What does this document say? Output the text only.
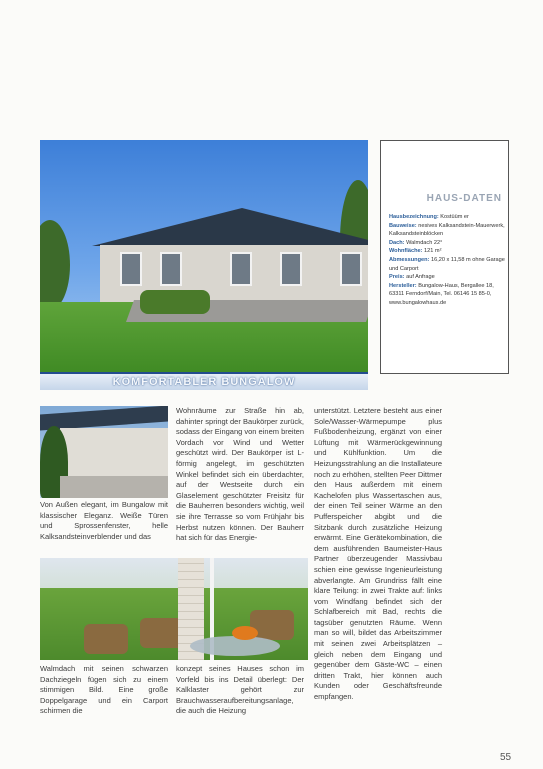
KOMFORTABLER BUNGALOW
HAUS-DATEN
Hausbezeichnung: Kostüüm er
Bauweise: nesives Kalksandstein-Mauerwerk, Kalksandsteinblöcken
Dach: Walmdach 22°
Wohnfläche: 121 m²
Abmessungen: 16,20 x 11,58 m ohne Garage und Carport
Preis: auf Anfrage
Hersteller: Bungalow-Haus, Bergallee 18, 63311 Ferndorf/Main, Tel. 06146 15 85-0, www.bungalowhaus.de
Von Außen elegant, im Bungalow mit klassischer Eleganz. Weiße Türen und Sprossenfenster, helle Kalksandsteinverblender und das
Wohnräume zur Straße hin ab, dahinter springt der Baukörper zurück, sodass der Eingang von einem breiten Vordach vor Wind und Wetter geschützt wird. Der Baukörper ist L-förmig angelegt, im geschützten Winkel befindet sich ein überdachter, auf der Westseite durch ein Glaselement geschützter Freisitz für die Bauherren besonders wichtig, weil sie ihre Terrasse so vom Frühjahr bis Herbst nutzen können. Der Bauherr hat sich für das Energie-
Walmdach mit seinen schwarzen Dachziegeln fügen sich zu einem stimmigen Bild. Eine große Doppelgarage und ein Carport schirmen die
konzept seines Hauses schon im Vorfeld bis ins Detail überlegt: Der Kalklaster gehört zur Brauchwasseraufbereitungsanlage, die auch die Heizung
unterstützt. Letztere besteht aus einer Sole/Wasser-Wärmepumpe plus Fußbodenheizung, ergänzt von einer Lüftung mit Wärmerückgewinnung und Kühlfunktion. Um die Heizungsstrahlung an die Installateure noch zu erhöhen, stellten Peer Dittmer den Haus außerdem mit einem Kachelofen plus Wassertaschen aus, der einen Teil seiner Wärme an den Pufferspeicher abgibt und die Sitzbank durch zusätzliche Heizung erwärmt. Eine Gerätekombination, die dem ausführenden Baumeister-Haus Partner überzeugender Massivbau schien eine gewisse Ingenieurleistung abverlangte. Am Grundriss fällt eine klare Teilung: in zwei Trakte auf: links vom Windfang befindet sich der Schlafbereich mit Bad, rechts die tagsüber genutzten Räume. Wenn man so will, bildet das Arbeitszimmer mit seinen zwei Arbeitsplätzen – gleich neben dem Eingang und gegenüber dem Gäste-WC – einen dritten Trakt, hier können auch Kunden oder Geschäftsfreunde empfangen.
55
